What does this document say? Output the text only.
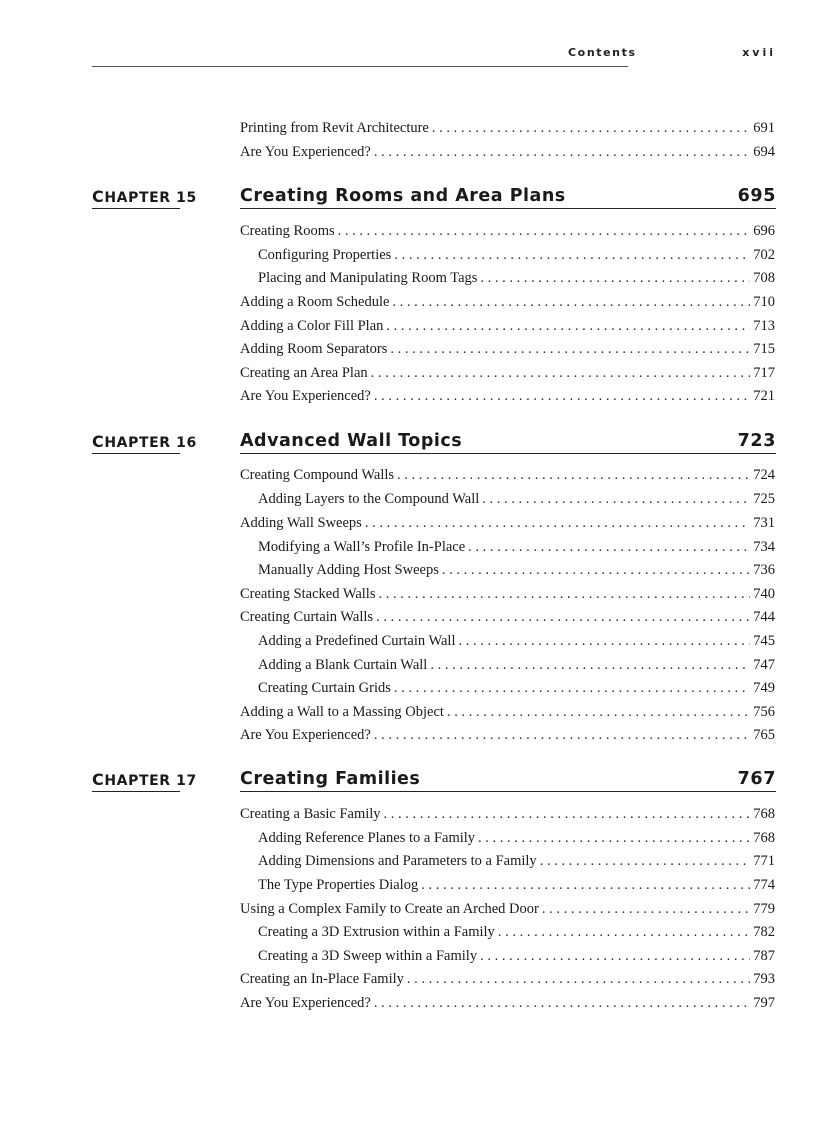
Contents	xvii
Printing from Revit Architecture . . .	691
Are You Experienced? . . .	694
CHAPTER 15 Creating Rooms and Area Plans	695
Creating Rooms . . .	696
Configuring Properties . . .	702
Placing and Manipulating Room Tags . . .	708
Adding a Room Schedule . . .	710
Adding a Color Fill Plan . . .	713
Adding Room Separators . . .	715
Creating an Area Plan . . .	717
Are You Experienced? . . .	721
CHAPTER 16 Advanced Wall Topics	723
Creating Compound Walls . . .	724
Adding Layers to the Compound Wall . . .	725
Adding Wall Sweeps . . .	731
Modifying a Wall’s Profile In-Place . . .	734
Manually Adding Host Sweeps . . .	736
Creating Stacked Walls . . .	740
Creating Curtain Walls . . .	744
Adding a Predefined Curtain Wall . . .	745
Adding a Blank Curtain Wall . . .	747
Creating Curtain Grids . . .	749
Adding a Wall to a Massing Object . . .	756
Are You Experienced? . . .	765
CHAPTER 17 Creating Families	767
Creating a Basic Family . . .	768
Adding Reference Planes to a Family . . .	768
Adding Dimensions and Parameters to a Family . . .	771
The Type Properties Dialog . . .	774
Using a Complex Family to Create an Arched Door . . .	779
Creating a 3D Extrusion within a Family . . .	782
Creating a 3D Sweep within a Family . . .	787
Creating an In-Place Family . . .	793
Are You Experienced? . . .	797
